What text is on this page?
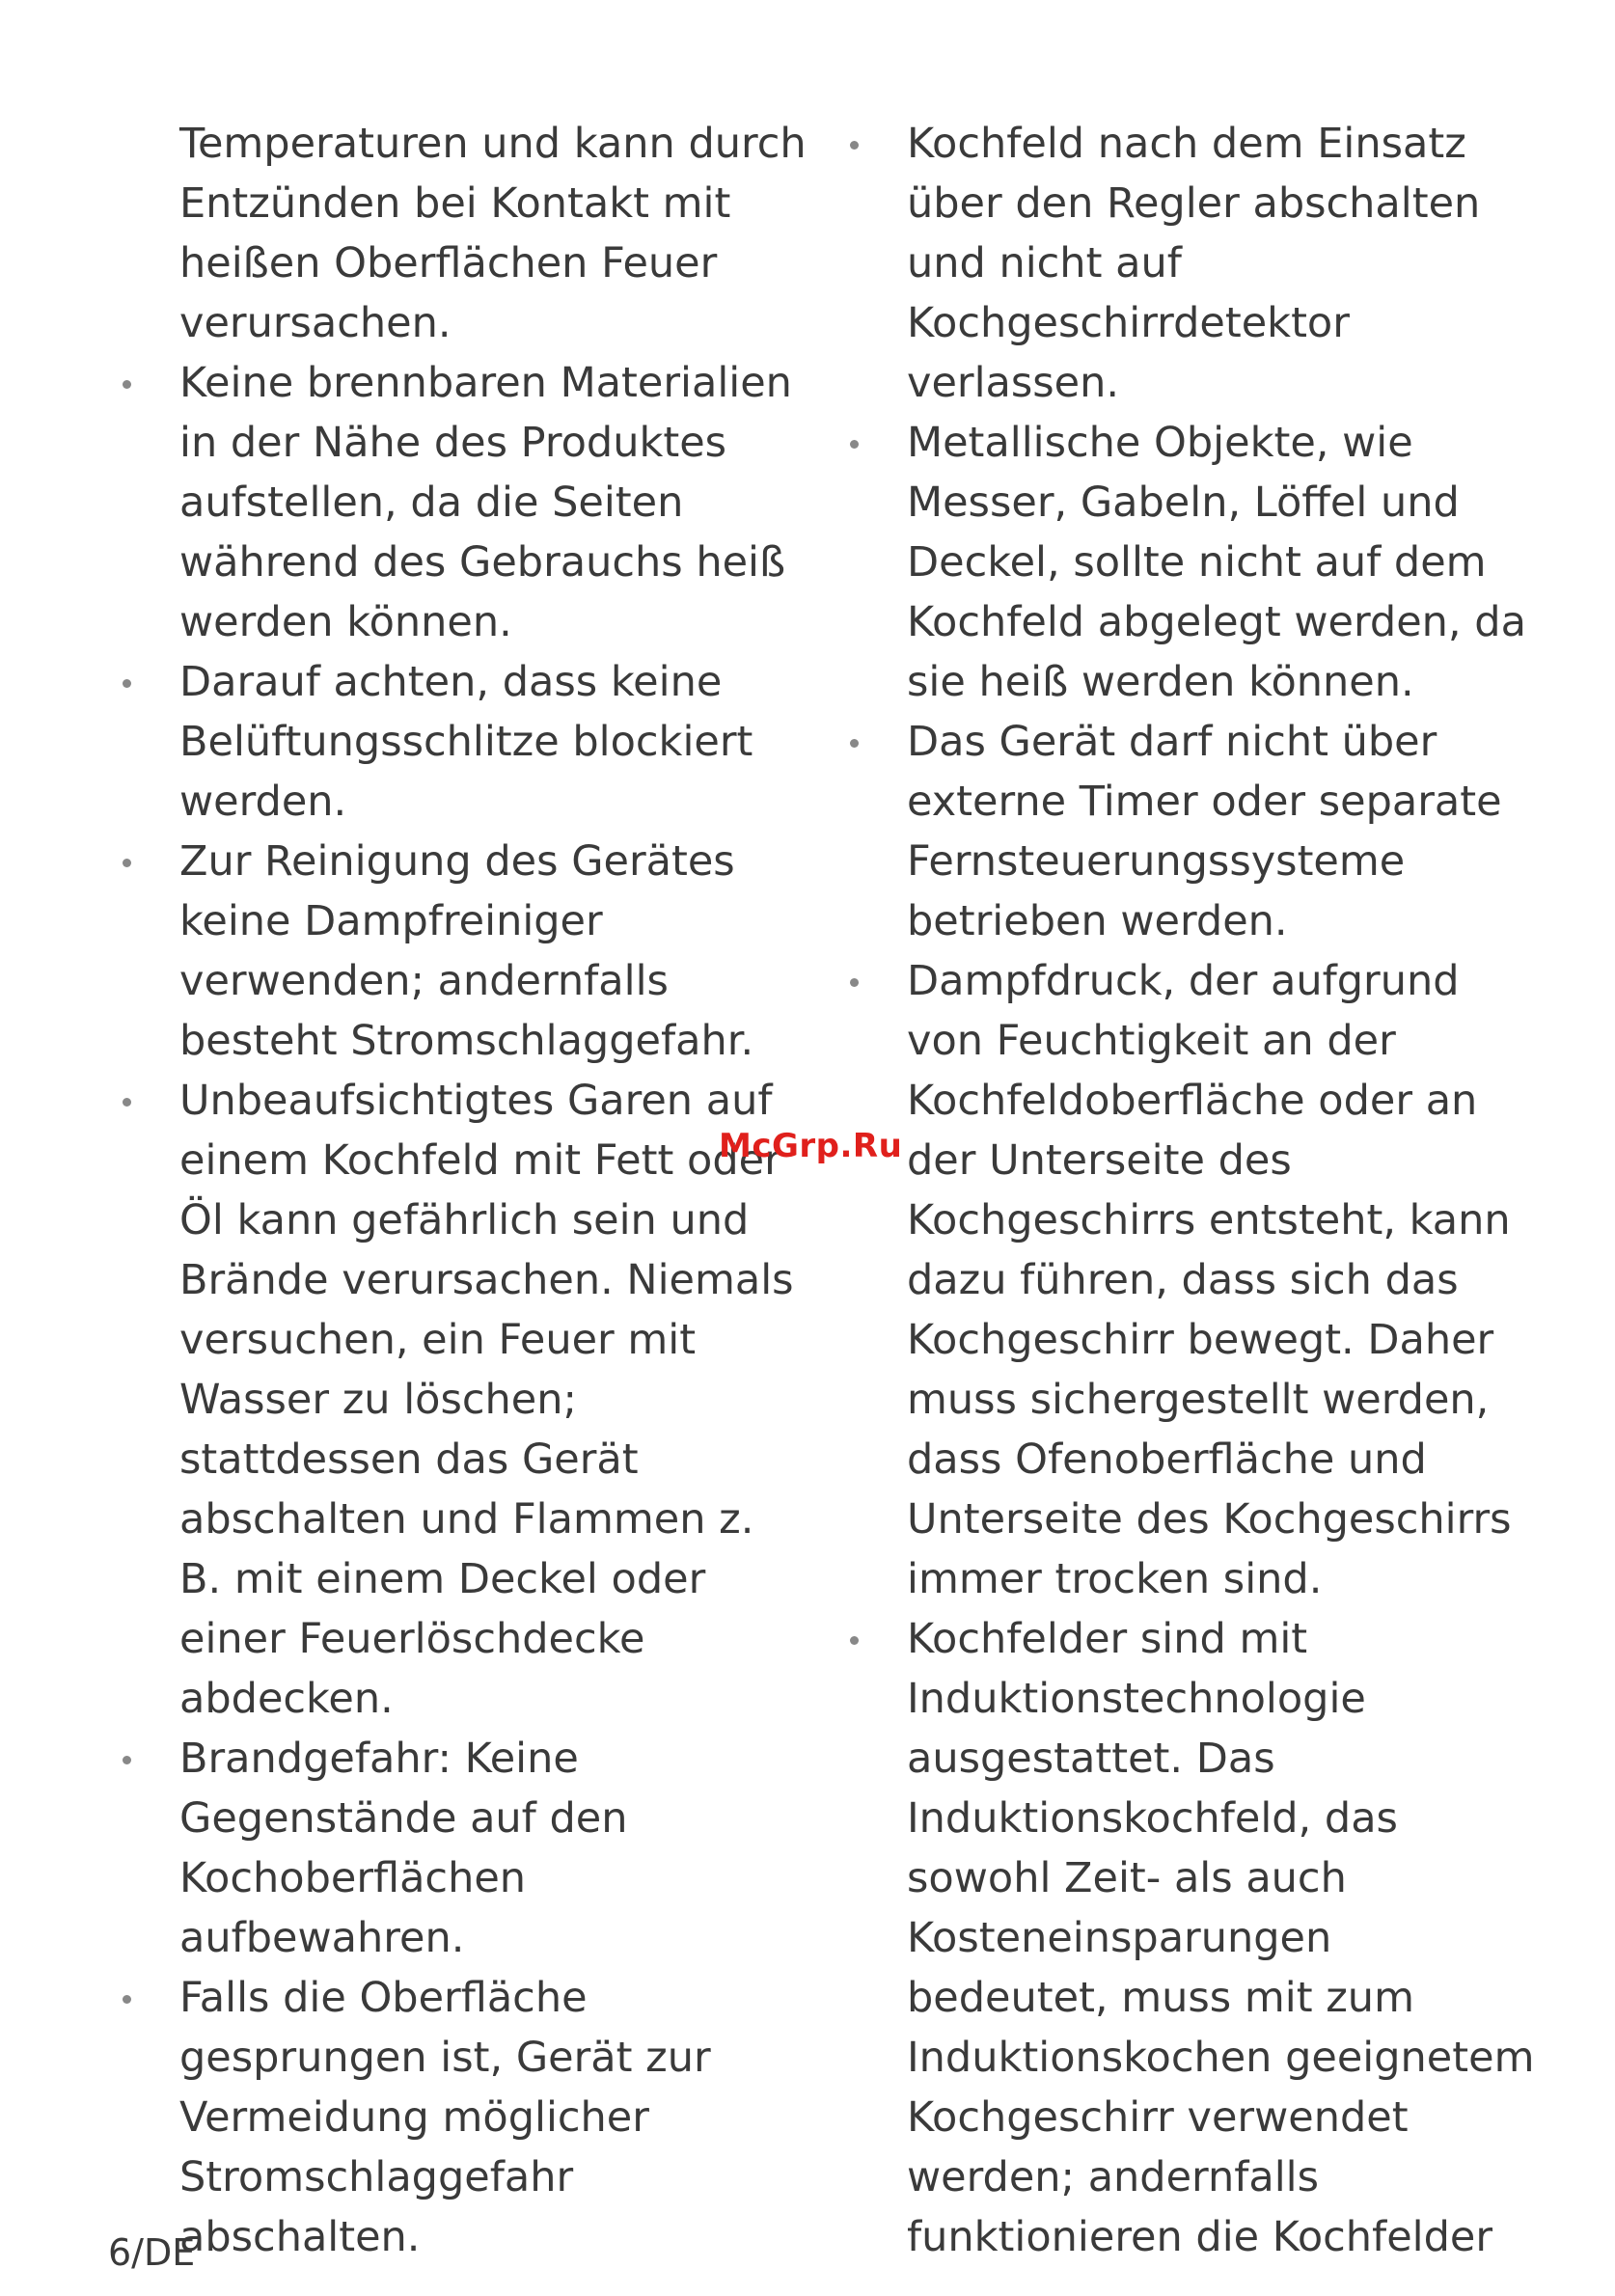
Temperaturen und kann durch Entzünden bei Kontakt mit heißen Oberflächen Feuer verursachen.
Keine brennbaren Materialien in der Nähe des Produktes aufstellen, da die Seiten während des Gebrauchs heiß werden können.
Darauf achten, dass keine Belüftungsschlitze blockiert werden.
Zur Reinigung des Gerätes keine Dampfreiniger verwenden; andernfalls besteht Stromschlaggefahr.
Unbeaufsichtigtes Garen auf einem Kochfeld mit Fett oder Öl kann gefährlich sein und Brände verursachen. Niemals versuchen, ein Feuer mit Wasser zu löschen; stattdessen das Gerät abschalten und Flammen z. B. mit einem Deckel oder einer Feuerlöschdecke abdecken.
Brandgefahr: Keine Gegenstände auf den Kochoberflächen aufbewahren.
Falls die Oberfläche gesprungen ist, Gerät zur Vermeidung möglicher Stromschlaggefahr abschalten.
Kochfeld nach dem Einsatz über den Regler abschalten und nicht auf Kochgeschirrdetektor verlassen.
Metallische Objekte, wie Messer, Gabeln, Löffel und Deckel, sollte nicht auf dem Kochfeld abgelegt werden, da sie heiß werden können.
Das Gerät darf nicht über externe Timer oder separate Fernsteuerungssysteme betrieben werden.
Dampfdruck, der aufgrund von Feuchtigkeit an der Kochfeldoberfläche oder an der Unterseite des Kochgeschirrs entsteht, kann dazu führen, dass sich das Kochgeschirr bewegt. Daher muss sichergestellt werden, dass Ofenoberfläche und Unterseite des Kochgeschirrs immer trocken sind.
Kochfelder sind mit Induktionstechnologie ausgestattet. Das Induktionskochfeld, das sowohl Zeit- als auch Kosteneinsparungen bedeutet, muss mit zum Induktionskochen geeignetem Kochgeschirr verwendet werden; andernfalls funktionieren die Kochfelder
McGrp.Ru
6/DE
